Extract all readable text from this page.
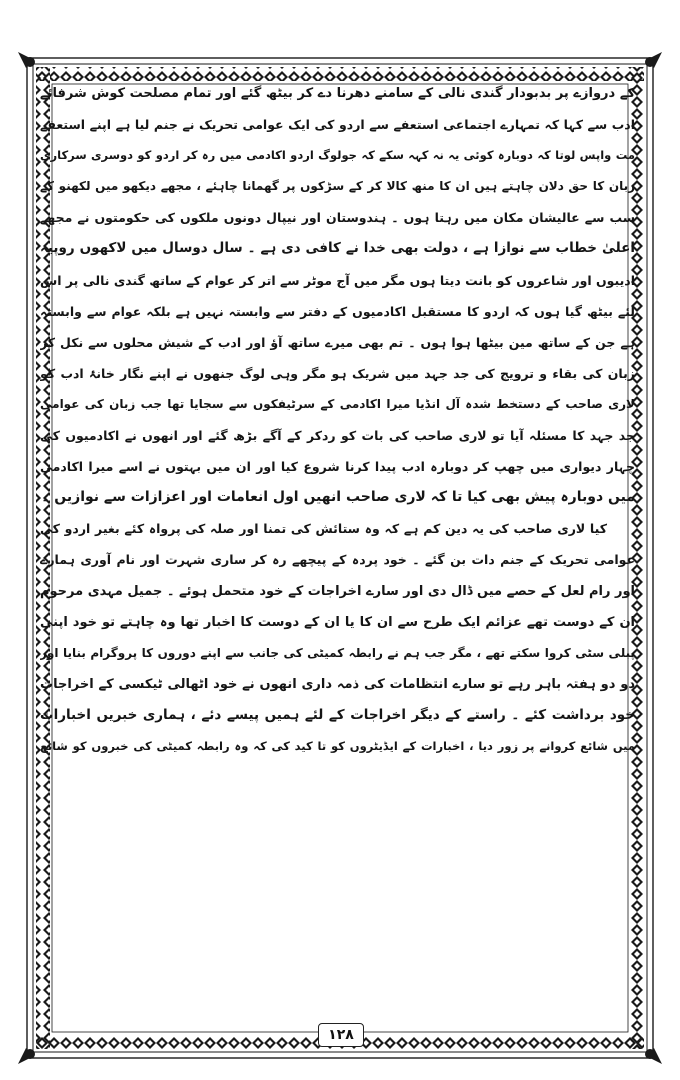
کے دروازے پر بدبودار گندی نالی کے سامنے دھرنا دے کر بیٹھ گئے اور تمام مصلحت کوش شرفائے
ادب سے کہا کہ تمہارے اجتماعی استعفے سے اردو کی ایک عوامی تحریک نے جنم لیا ہے اپنے استعفے
مت واپس لوتا کہ دوبارہ کوئی یہ نہ کہہ سکے کہ جولوگ اردو اکادمی میں رہ کر اردو کو دوسری سرکاری
زبان کا حق دلان چاہتے ہیں ان کا منھ کالا کر کے سڑکوں پر گھمانا چاہئے ، مجھے دیکھو میں لکھنو کے
سب سے عالیشان مکان میں رہتا ہوں ۔ ہندوستان اور نیپال دونوں ملکوں کی حکومتوں نے مجھے
اعلیٰ خطاب سے نوازا ہے ، دولت بھی خدا نے کافی دی ہے ۔ سال دوسال میں لاکھوں روپیہ
ادیبوں اور شاعروں کو بانت دیتا ہوں مگر میں آج موٹر سے اتر کر عوام کے ساتھ گندی نالی پر اس
لئے بیٹھ گیا ہوں کہ اردو کا مستقبل اکادمیوں کے دفتر سے وابستہ نہیں ہے بلکہ عوام سے وابستہ
ہے جن کے ساتھ مین بیٹھا ہوا ہوں ۔ تم بھی میرے ساتھ آؤ اور ادب کے شیش محلوں سے نکل کر
زبان کی بقاء و ترویج کی جد جہد میں شریک ہو مگر وہی لوگ جنھوں نے اپنے نگار خانۂ ادب کو
لاری صاحب کے دستخط شدہ آل انڈیا میرا اکادمی کے سرٹیفکوں سے سجایا تھا جب زبان کی عوامی
جد جہد کا مسئلہ آیا تو لاری صاحب کی بات کو ردکر کے آگے بڑھ گئے اور انھوں نے اکادمیوں کی
چہار دیواری میں چھپ کر دوبارہ ادب پیدا کرنا شروع کیا اور ان میں بہتوں نے اسے میرا اکادمی
میں دوبارہ پیش بھی کیا تا کہ لاری صاحب انھیں اول انعامات اور اعزازات سے نوازیں ۔
کیا لاری صاحب کی یہ دین کم ہے کہ وہ ستائش کی تمنا اور صلہ کی پرواہ کئے بغیر اردو کی
عوامی تحریک کے جنم دات بن گئے ۔ خود پردہ کے پیچھے رہ کر ساری شہرت اور نام آوری ہمارے
اور رام لعل کے حصے میں ڈال دی اور سارے اخراجات کے خود متحمل ہوئے ۔ جمیل مہدی مرحوم
ان کے دوست تھے عزائم ایک طرح سے ان کا یا ان کے دوست کا اخبار تھا وہ چاہتے تو خود اپنی
پبلی سٹی کروا سکتے تھے ، مگر جب ہم نے رابطہ کمیٹی کی جانب سے اپنے دوروں کا پروگرام بنایا اور
دو دو ہفتہ باہر رہے تو سارے انتظامات کی ذمہ داری انھوں نے خود اٹھالی ٹیکسی کے اخراجات
خود برداشت کئے ۔ راستے کے دیگر اخراجات کے لئے ہمیں پیسے دئے ، ہماری خبریں اخبارات
میں شائع کروانے پر زور دیا ، اخبارات کے ایڈیٹروں کو تا کید کی کہ وہ رابطہ کمیٹی کی خبروں کو شائع
۱۲۸
